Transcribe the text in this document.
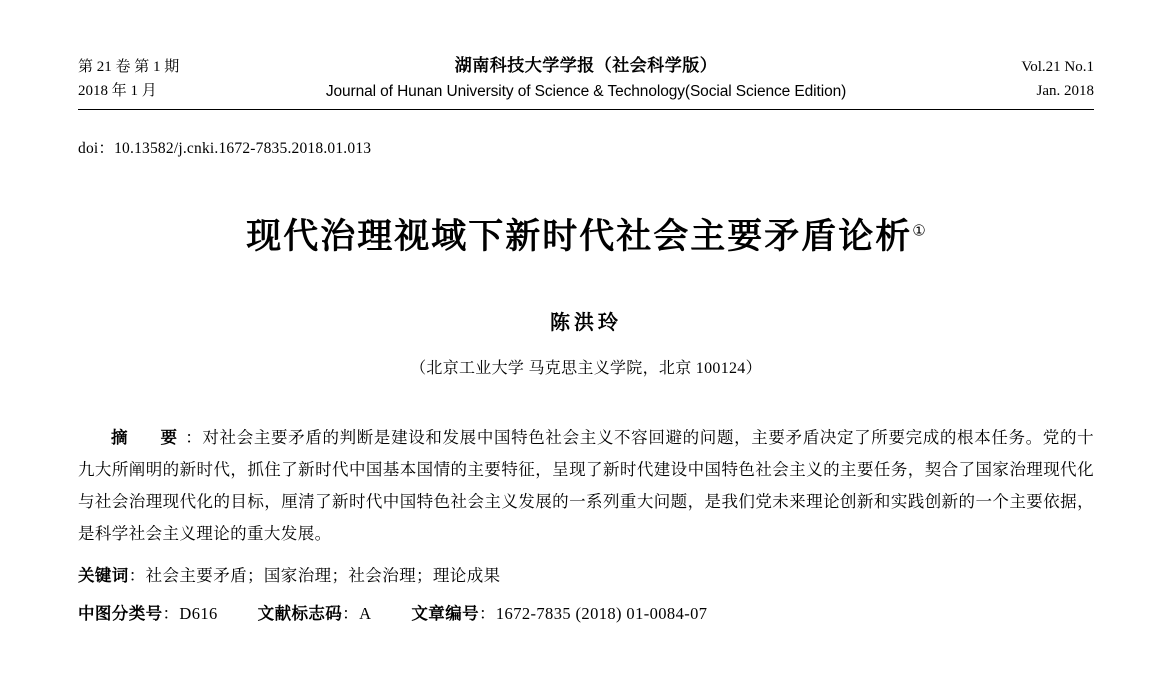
第 21 卷 第 1 期
2018 年 1 月
湖南科技大学学报（社会科学版）
Journal of Hunan University of Science & Technology(Social Science Edition)
Vol.21 No.1
Jan. 2018
doi：10.13582/j.cnki.1672-7835.2018.01.013
现代治理视域下新时代社会主要矛盾论析①
陈洪玲
（北京工业大学 马克思主义学院，北京 100124）

摘　要：对社会主要矛盾的判断是建设和发展中国特色社会主义不容回避的问题，主要矛盾决定了所要完成的根本任务。党的十九大所阐明的新时代，抓住了新时代中国基本国情的主要特征，呈现了新时代建设中国特色社会主义的主要任务，契合了国家治理现代化与社会治理现代化的目标，厘清了新时代中国特色社会主义发展的一系列重大问题，是我们党未来理论创新和实践创新的一个主要依据，是科学社会主义理论的重大发展。

关键词：社会主要矛盾；国家治理；社会治理；理论成果
中图分类号：D616 文献标志码：A 文章编号：1672-7835 (2018) 01-0084-07
